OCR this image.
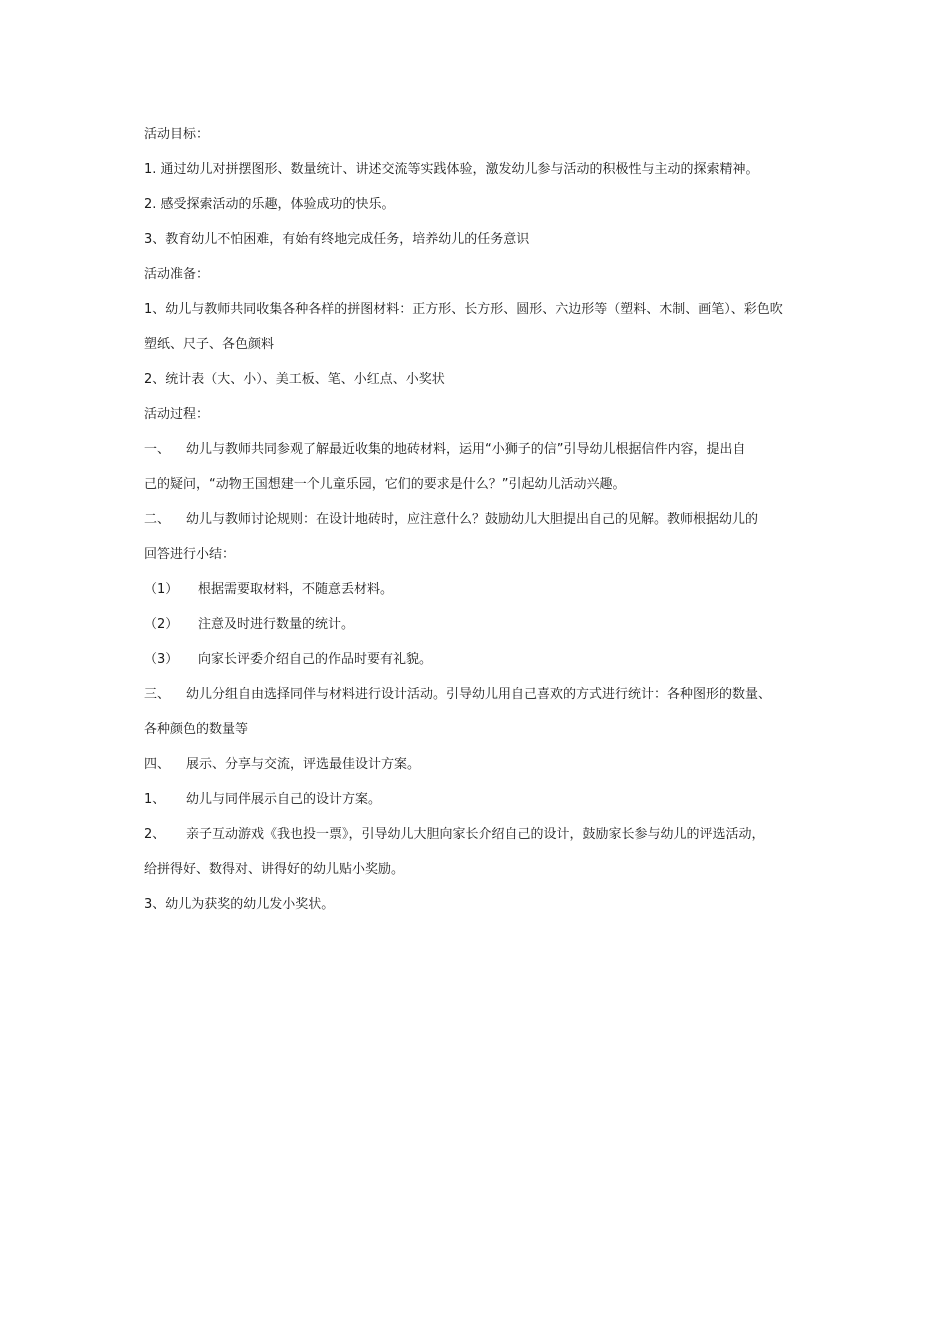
活动目标：

1. 通过幼儿对拼摆图形、数量统计、讲述交流等实践体验，激发幼儿参与活动的积极性与主动的探索精神。

2. 感受探索活动的乐趣，体验成功的快乐。

3、教育幼儿不怕困难，有始有终地完成任务，培养幼儿的任务意识

活动准备：

1、幼儿与教师共同收集各种各样的拼图材料：正方形、长方形、圆形、六边形等（塑料、木制、画笔）、彩色吹

塑纸、尺子、各色颜料

2、统计表（大、小）、美工板、笔、小红点、小奖状

活动过程：

一、 幼儿与教师共同参观了解最近收集的地砖材料，运用“小狮子的信”引导幼儿根据信件内容，提出自

己的疑问，“动物王国想建一个儿童乐园，它们的要求是什么？”引起幼儿活动兴趣。

二、 幼儿与教师讨论规则：在设计地砖时，应注意什么？鼓励幼儿大胆提出自己的见解。教师根据幼儿的

回答进行小结：

（1） 根据需要取材料，不随意丢材料。

（2） 注意及时进行数量的统计。

（3） 向家长评委介绍自己的作品时要有礼貌。

三、 幼儿分组自由选择同伴与材料进行设计活动。引导幼儿用自己喜欢的方式进行统计：各种图形的数量、

各种颜色的数量等

四、 展示、分享与交流，评选最佳设计方案。

1、 幼儿与同伴展示自己的设计方案。

2、 亲子互动游戏《我也投一票》，引导幼儿大胆向家长介绍自己的设计，鼓励家长参与幼儿的评选活动，

给拼得好、数得对、讲得好的幼儿贴小奖励。

3、幼儿为获奖的幼儿发小奖状。
